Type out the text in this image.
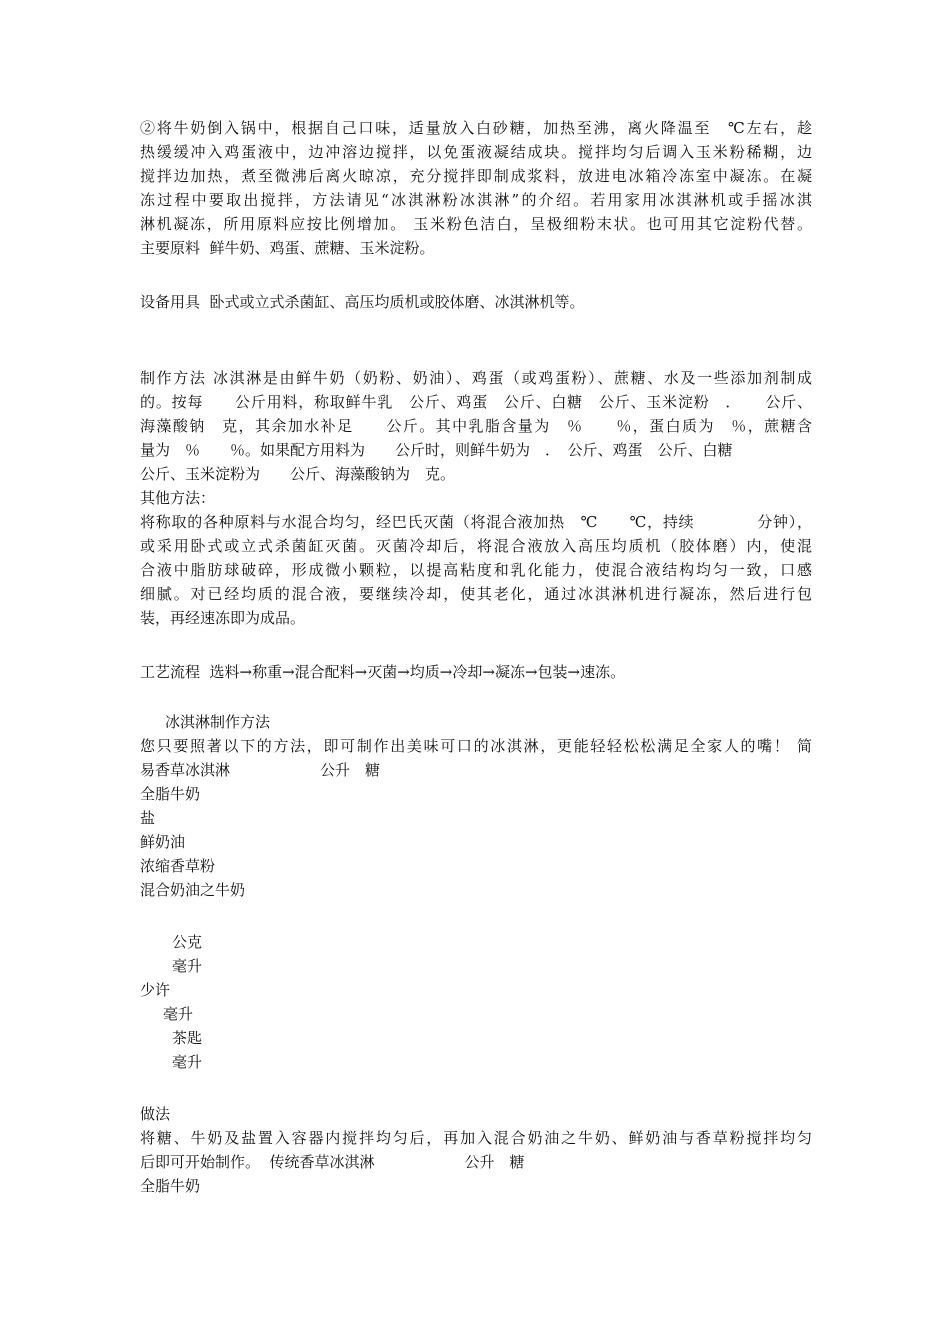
②将牛奶倒入锅中，根据自己口味，适量放入白砂糖，加热至沸，离火降温至　℃左右，趁
热缓缓冲入鸡蛋液中，边冲溶边搅拌，以免蛋液凝结成块。搅拌均匀后调入玉米粉稀糊，边
搅拌边加热，煮至微沸后离火晾凉，充分搅拌即制成浆料，放进电冰箱冷冻室中凝冻。在凝
冻过程中要取出搅拌，方法请见“冰淇淋粉冰淇淋”的介绍。若用家用冰淇淋机或手摇冰淇
淋机凝冻，所用原料应按比例增加。 玉米粉色洁白，呈极细粉末状。也可用其它淀粉代替。
主要原料  鲜牛奶、鸡蛋、蔗糖、玉米淀粉。
设备用具  卧式或立式杀菌缸、高压均质机或胶体磨、冰淇淋机等。
制作方法 冰淇淋是由鲜牛奶（奶粉、奶油）、鸡蛋（或鸡蛋粉）、蔗糖、水及一些添加剂制成
的。按每　　公斤用料，称取鲜牛乳　公斤、鸡蛋　公斤、白糖　公斤、玉米淀粉　．　　公斤、
海藻酸钠　克，其余加水补足　　公斤。其中乳脂含量为　％　　％，蛋白质为　％，蔗糖含
量为　％　　％。如果配方用料为　　公斤时，则鲜牛奶为　．　公斤、鸡蛋　公斤、白糖
公斤、玉米淀粉为　　公斤、海藻酸钠为　克。
其他方法：
将称取的各种原料与水混合均匀，经巴氏灭菌（将混合液加热　℃　　℃，持续　　　　分钟），
或采用卧式或立式杀菌缸灭菌。灭菌冷却后，将混合液放入高压均质机（胶体磨）内，使混
合液中脂肪球破碎，形成微小颗粒，以提高粘度和乳化能力，使混合液结构均匀一致，口感
细腻。对已经均质的混合液，要继续冷却，使其老化，通过冰淇淋机进行凝冻，然后进行包
装，再经速冻即为成品。
工艺流程  选料→称重→混合配料→灭菌→均质→冷却→凝冻→包装→速冻。
冰淇淋制作方法
您只要照著以下的方法，即可制作出美味可口的冰淇淋，更能轻轻松松满足全家人的嘴！ 简
易香草冰淇淋　　　　　　公升　糖
全脂牛奶
盐
鲜奶油
浓缩香草粉
混合奶油之牛奶
公克
毫升
少许
毫升
茶匙
毫升
做法
将糖、牛奶及盐置入容器内搅拌均匀后，再加入混合奶油之牛奶、鲜奶油与香草粉搅拌均匀
后即可开始制作。  传统香草冰淇淋　　　　　　公升　糖
全脂牛奶
